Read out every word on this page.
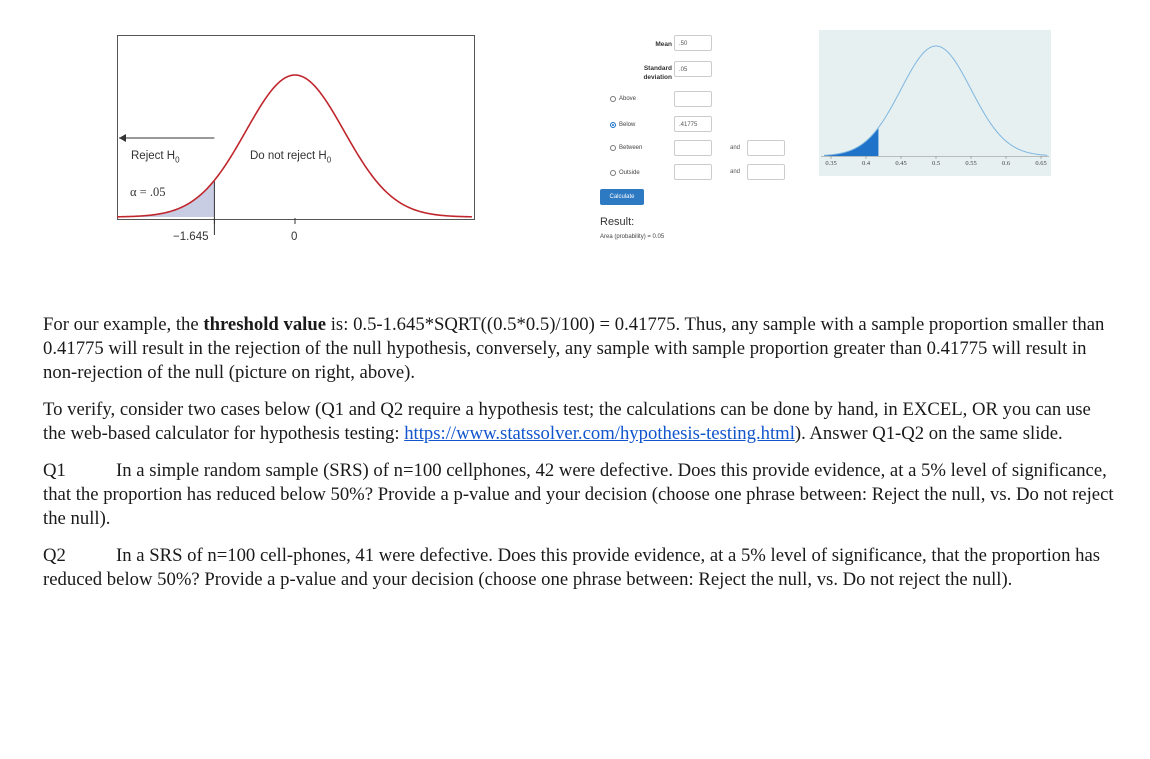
Reject $H_0$	Do not reject $H_0$
α = .05
−1.645	0
Mean	.50
Standard
deviation
.05
Above
Below	.41775
Between	and
Outside	and
Calculate
Result:
Area (probability) = 0.05
0.35	0.4	0.45	0.5	0.55	0.6	0.65

For our example, the threshold value is: 0.5-1.645*SQRT((0.5*0.5)/100) = 0.41775. Thus, any sample with a sample proportion smaller than 0.41775 will result in the rejection of the null hypothesis, conversely, any sample with sample proportion greater than 0.41775 will result in non-rejection of the null (picture on right, above).

To verify, consider two cases below (Q1 and Q2 require a hypothesis test; the calculations can be done by hand, in EXCEL, OR you can use the web-based calculator for hypothesis testing: https://www.statssolver.com/hypothesis-testing.html). Answer Q1-Q2 on the same slide.

Q1	In a simple random sample (SRS) of n=100 cellphones, 42 were defective. Does this provide evidence, at a 5% level of significance, that the proportion has reduced below 50%? Provide a p-value and your decision (choose one phrase between: Reject the null, vs. Do not reject the null).

Q2	In a SRS of n=100 cell-phones, 41 were defective. Does this provide evidence, at a 5% level of significance, that the proportion has reduced below 50%? Provide a p-value and your decision (choose one phrase between: Reject the null, vs. Do not reject the null).
